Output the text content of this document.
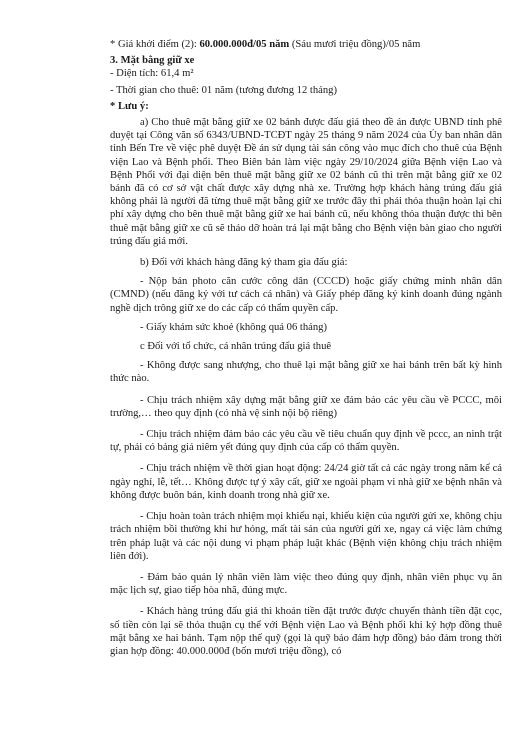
* Giá khởi điểm (2): 60.000.000đ/05 năm (Sáu mươi triệu đồng)/05 năm

3. Mặt bằng giữ xe

- Diện tích: 61,4 m²

- Thời gian cho thuê: 01 năm (tương đương 12 tháng)

* Lưu ý:

a) Cho thuê mặt bằng giữ xe 02 bánh được đấu giá theo đề án được UBND tỉnh phê duyệt tại Công văn số 6343/UBND-TCĐT ngày 25 tháng 9 năm 2024 của Ủy ban nhân dân tỉnh Bến Tre về việc phê duyệt Đề án sử dụng tài sản công vào mục đích cho thuê của Bệnh viện Lao và Bệnh phổi. Theo Biên bản làm việc ngày 29/10/2024 giữa Bệnh viện Lao và Bệnh Phổi với đại diện bên thuê mặt bằng giữ xe 02 bánh cũ thì trên mặt bằng giữ xe 02 bánh đã có cơ sở vật chất được xây dựng nhà xe. Trường hợp khách hàng trúng đấu giá không phải là người đã từng thuê mặt bằng giữ xe trước đây thì phải thỏa thuận hoàn lại chi phí xây dựng cho bên thuê mặt bằng giữ xe hai bánh cũ, nếu không thỏa thuận được thì bên thuê mặt bằng giữ xe cũ sẽ tháo dỡ hoàn trả lại mặt bằng cho Bệnh viện bàn giao cho người trúng đấu giá mới.

b) Đối với khách hàng đăng ký tham gia đấu giá:

- Nộp bản photo căn cước công dân (CCCD) hoặc giấy chứng minh nhân dân (CMND) (nếu đăng ký với tư cách cá nhân) và Giấy phép đăng ký kinh doanh đúng ngành nghề dịch trông giữ xe do các cấp có thẩm quyền cấp.

- Giấy khám sức khoẻ (không quá 06 tháng)

c Đối với tổ chức, cá nhân trúng đấu giá thuê

- Không được sang nhượng, cho thuê lại mặt bằng giữ xe hai bánh trên bất kỳ hình thức nào.

- Chịu trách nhiệm xây dựng mặt bằng giữ xe đảm bảo các yêu cầu về PCCC, môi trường,… theo quy định (có nhà vệ sinh nội bộ riêng)

- Chịu trách nhiệm đảm bảo các yêu cầu về tiêu chuẩn quy định về pccc, an ninh trật tự, phải có bảng giá niêm yết đúng quy định của cấp có thẩm quyền.

- Chịu trách nhiệm về thời gian hoạt động: 24/24 giờ tất cả các ngày trong năm kể cả ngày nghỉ, lễ, tết… Không được tự ý xây cất, giữ xe ngoài phạm vi nhà giữ xe bệnh nhân và không được buôn bán, kinh doanh trong nhà giữ xe.

- Chịu hoàn toàn trách nhiệm mọi khiếu nại, khiếu kiện của người gửi xe, không chịu trách nhiệm bồi thường khi hư hỏng, mất tài sản của người gửi xe, ngay cả việc làm chứng trên pháp luật và các nội dung vi phạm pháp luật khác (Bệnh viện không chịu trách nhiệm liên đới).

- Đảm bảo quản lý nhân viên làm việc theo đúng quy định, nhân viên phục vụ ăn mặc lịch sự, giao tiếp hòa nhã, đúng mực.

- Khách hàng trúng đấu giá thì khoản tiền đặt trước được chuyển thành tiền đặt cọc, số tiền còn lại sẽ thỏa thuận cụ thể với Bệnh viện Lao và Bệnh phổi khi ký hợp đồng thuê mặt bằng xe hai bánh. Tạm nộp thế quỹ (gọi là quỹ bảo đảm hợp đồng) bảo đảm trong thời gian hợp đồng: 40.000.000đ (bốn mươi triệu đồng), có
